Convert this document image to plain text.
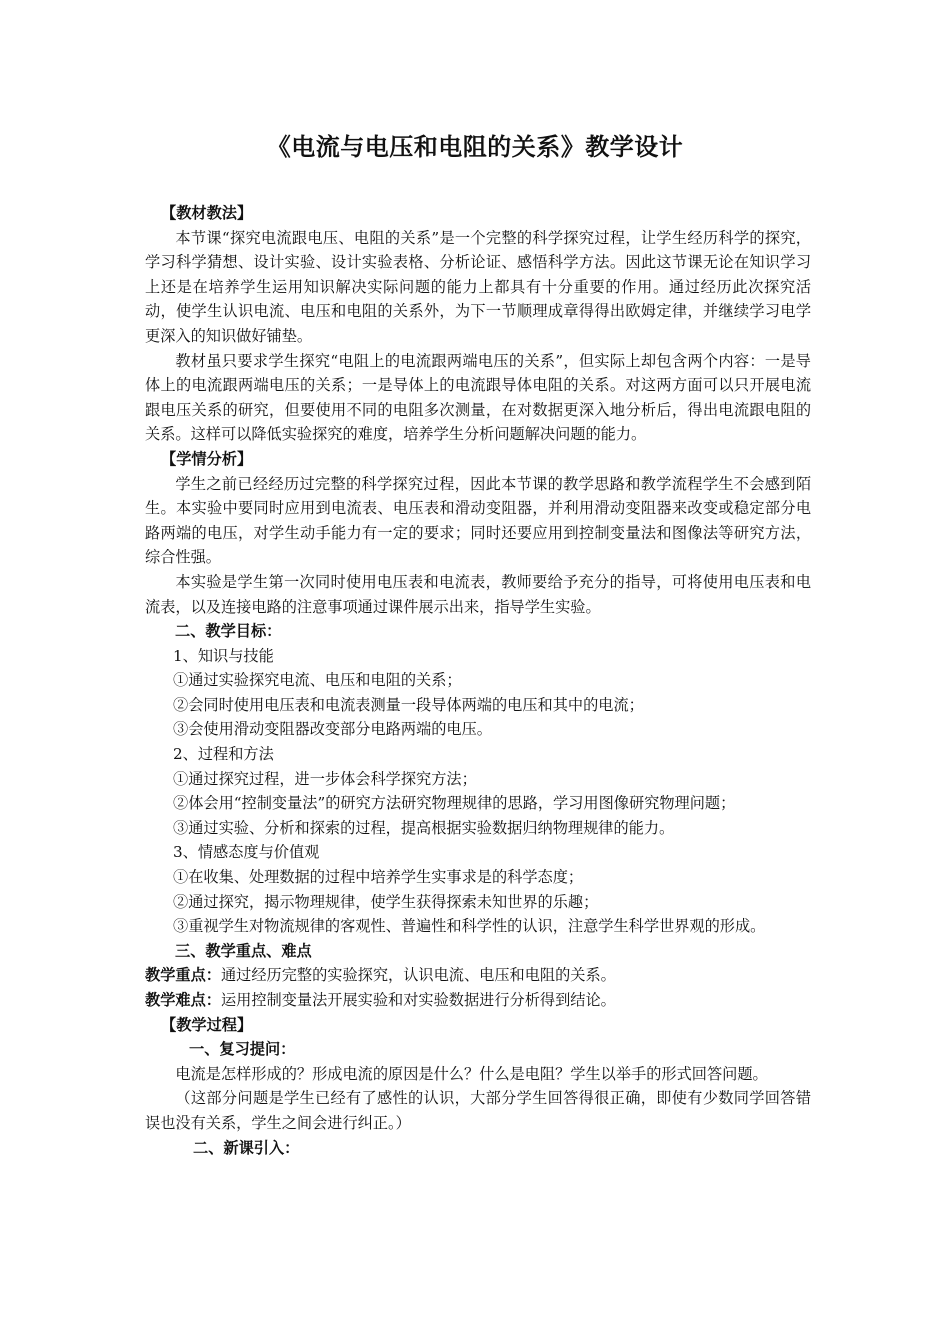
《电流与电压和电阻的关系》教学设计

【教材教法】

本节课“探究电流跟电压、电阻的关系”是一个完整的科学探究过程，让学生经历科学的探究，学习科学猜想、设计实验、设计实验表格、分析论证、感悟科学方法。因此这节课无论在知识学习上还是在培养学生运用知识解决实际问题的能力上都具有十分重要的作用。通过经历此次探究活动，使学生认识电流、电压和电阻的关系外，为下一节顺理成章得得出欧姆定律，并继续学习电学更深入的知识做好铺垫。

教材虽只要求学生探究“电阻上的电流跟两端电压的关系”，但实际上却包含两个内容：一是导体上的电流跟两端电压的关系；一是导体上的电流跟导体电阻的关系。对这两方面可以只开展电流跟电压关系的研究，但要使用不同的电阻多次测量，在对数据更深入地分析后，得出电流跟电阻的关系。这样可以降低实验探究的难度，培养学生分析问题解决问题的能力。

【学情分析】

学生之前已经经历过完整的科学探究过程，因此本节课的教学思路和教学流程学生不会感到陌生。本实验中要同时应用到电流表、电压表和滑动变阻器，并利用滑动变阻器来改变或稳定部分电路两端的电压，对学生动手能力有一定的要求；同时还要应用到控制变量法和图像法等研究方法，综合性强。

本实验是学生第一次同时使用电压表和电流表，教师要给予充分的指导，可将使用电压表和电流表，以及连接电路的注意事项通过课件展示出来，指导学生实验。

二、教学目标：

1、知识与技能

①通过实验探究电流、电压和电阻的关系；

②会同时使用电压表和电流表测量一段导体两端的电压和其中的电流；

③会使用滑动变阻器改变部分电路两端的电压。

2、过程和方法

①通过探究过程，进一步体会科学探究方法；

②体会用“控制变量法”的研究方法研究物理规律的思路，学习用图像研究物理问题；

③通过实验、分析和探索的过程，提高根据实验数据归纳物理规律的能力。

3、情感态度与价值观

①在收集、处理数据的过程中培养学生实事求是的科学态度；

②通过探究，揭示物理规律，使学生获得探索未知世界的乐趣；

③重视学生对物流规律的客观性、普遍性和科学性的认识，注意学生科学世界观的形成。

三、教学重点、难点

教学重点：通过经历完整的实验探究，认识电流、电压和电阻的关系。

教学难点：运用控制变量法开展实验和对实验数据进行分析得到结论。

【教学过程】

一、复习提问：

电流是怎样形成的？形成电流的原因是什么？什么是电阻？学生以举手的形式回答问题。

（这部分问题是学生已经有了感性的认识，大部分学生回答得很正确，即使有少数同学回答错误也没有关系，学生之间会进行纠正。）

二、新课引入：
